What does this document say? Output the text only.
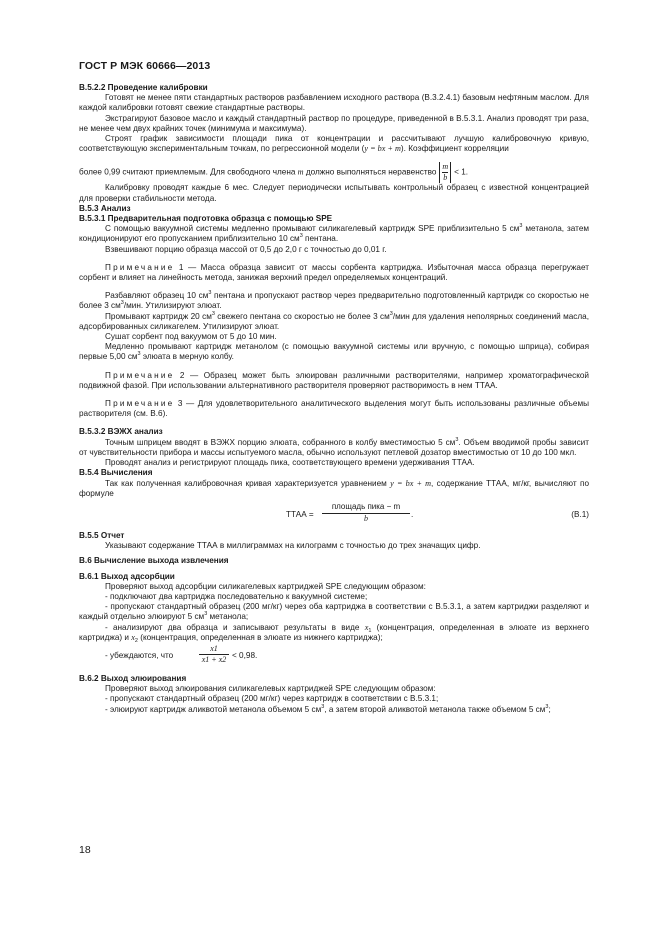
ГОСТ Р МЭК 60666—2013

В.5.2.2 Проведение калибровки

Готовят не менее пяти стандартных растворов разбавлением исходного раствора (В.3.2.4.1) базовым нефтяным маслом. Для каждой калибровки готовят свежие стандартные растворы.

Экстрагируют базовое масло и каждый стандартный раствор по процедуре, приведенной в В.5.3.1. Анализ проводят три раза, не менее чем двух крайних точек (минимума и максимума).

Строят график зависимости площади пика от концентрации и рассчитывают лучшую калибровочную кривую, соответствующую экспериментальным точкам, по регрессионной модели (y = bx + m). Коэффициент корреляции

более 0,99 считают приемлемым. Для свободного члена m должно выполняться неравенство $\frac{m}{b} < 1$.

Калибровку проводят каждые 6 мес. Следует периодически испытывать контрольный образец с известной концентрацией для проверки стабильности метода.

В.5.3 Анализ

В.5.3.1 Предварительная подготовка образца с помощью SPE

С помощью вакуумной системы медленно промывают силикагелевый картридж SPE приблизительно 5 $см^3$ метанола, затем кондиционируют его пропусканием приблизительно 10 $см^3$ пентана.

Взвешивают порцию образца массой от 0,5 до 2,0 г с точностью до 0,01 г.

Примечание 1 — Масса образца зависит от массы сорбента картриджа. Избыточная масса образца перегружает сорбент и влияет на линейность метода, занижая верхний предел определяемых концентраций.

Разбавляют образец 10 $см^3$ пентана и пропускают раствор через предварительно подготовленный картридж со скоростью не более 3 $см^3$/мин. Утилизируют элюат.

Промывают картридж 20 $см^3$ свежего пентана со скоростью не более 3 $см^3$/мин для удаления неполярных соединений масла, адсорбированных силикагелем. Утилизируют элюат.

Сушат сорбент под вакуумом от 5 до 10 мин.

Медленно промывают картридж метанолом (с помощью вакуумной системы или вручную, с помощью шприца), собирая первые 5,00 $см^3$ элюата в мерную колбу.

Примечание 2 — Образец может быть элюирован различными растворителями, например хроматографической подвижной фазой. При использовании альтернативного растворителя проверяют растворимость в нем ТТАА.

Примечание 3 — Для удовлетворительного аналитического выделения могут быть использованы различные объемы растворителя (см. В.6).

В.5.3.2 ВЭЖХ анализ

Точным шприцем вводят в ВЭЖХ порцию элюата, собранного в колбу вместимостью 5 $см^3$. Объем вводимой пробы зависит от чувствительности прибора и массы испытуемого масла, обычно используют петлевой дозатор вместимостью от 10 до 100 мкл.

Проводят анализ и регистрируют площадь пика, соответствующего времени удерживания ТТАА.

В.5.4 Вычисления

Так как полученная калибровочная кривая характеризуется уравнением y = bx + m, содержание ТТАА, мг/кг, вычисляют по формуле

ТТАА =
площадь пика − m
b	.	(В.1)

В.5.5 Отчет

Указывают содержание ТТАА в миллиграммах на килограмм с точностью до трех значащих цифр.

В.6 Вычисление выхода извлечения

В.6.1 Выход адсорбции

Проверяют выход адсорбции силикагелевых картриджей SPE следующим образом:

- подключают два картриджа последовательно к вакуумной системе;

- пропускают стандартный образец (200 мг/кг) через оба картриджа в соответствии с В.5.3.1, а затем картриджи разделяют и каждый отдельно элюируют 5 $см^3$ метанола;

- анализируют два образца и записывают результаты в виде $x_1$ (концентрация, определенная в элюате из верхнего картриджа) и $x_2$ (концентрация, определенная в элюате из нижнего картриджа);

- убеждаются, что
x1
x1 + x2 < 0,98.

В.6.2 Выход элюирования

Проверяют выход элюирования силикагелевых картриджей SPE следующим образом:

- пропускают стандартный образец (200 мг/кг) через картридж в соответствии с В.5.3.1;

- элюируют картридж аликвотой метанола объемом 5 $см^3$, а затем второй аликвотой метанола также объемом 5 $см^3$;

18
